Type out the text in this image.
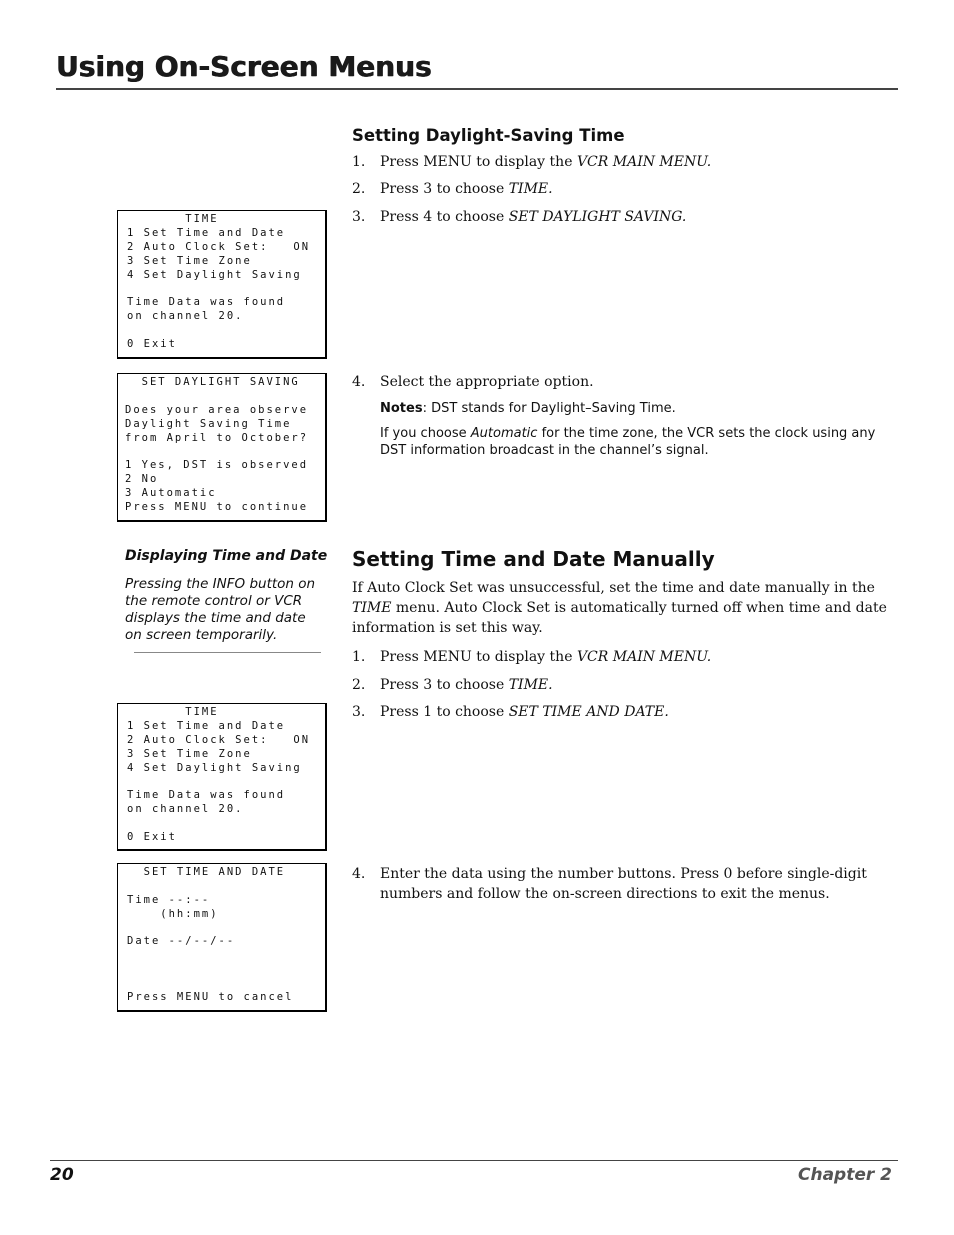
Using On-Screen Menus
Setting Daylight-Saving Time
1. Press MENU to display the VCR MAIN MENU.
2. Press 3 to choose TIME.
3. Press 4 to choose SET DAYLIGHT SAVING.
4. Select the appropriate option.
Notes: DST stands for Daylight–Saving Time.
If you choose Automatic for the time zone, the VCR sets the clock using any DST information broadcast in the channel’s signal.
TIME
1 Set Time and Date
2 Auto Clock Set:   ON
3 Set Time Zone
4 Set Daylight Saving
Time Data was found
on channel 20.
0 Exit
SET DAYLIGHT SAVING
Does your area observe
Daylight Saving Time
from April to October?
1 Yes, DST is observed
2 No
3 Automatic
Press MENU to continue
TIME
1 Set Time and Date
2 Auto Clock Set:   ON
3 Set Time Zone
4 Set Daylight Saving
Time Data was found
on channel 20.
0 Exit
SET TIME AND DATE
Time --:--
(hh:mm)
Date --/--/--
Press MENU to cancel
Displaying Time and Date
Pressing the INFO button on the remote control or VCR displays the time and date on screen temporarily.
Setting Time and Date Manually
If Auto Clock Set was unsuccessful, set the time and date manually in the TIME menu. Auto Clock Set is automatically turned off when time and date information is set this way.
1. Press MENU to display the VCR MAIN MENU.
2. Press 3 to choose TIME.
3. Press 1 to choose SET TIME AND DATE.
4. Enter the data using the number buttons. Press 0 before single-digit numbers and follow the on-screen directions to exit the menus.
20	Chapter 2
